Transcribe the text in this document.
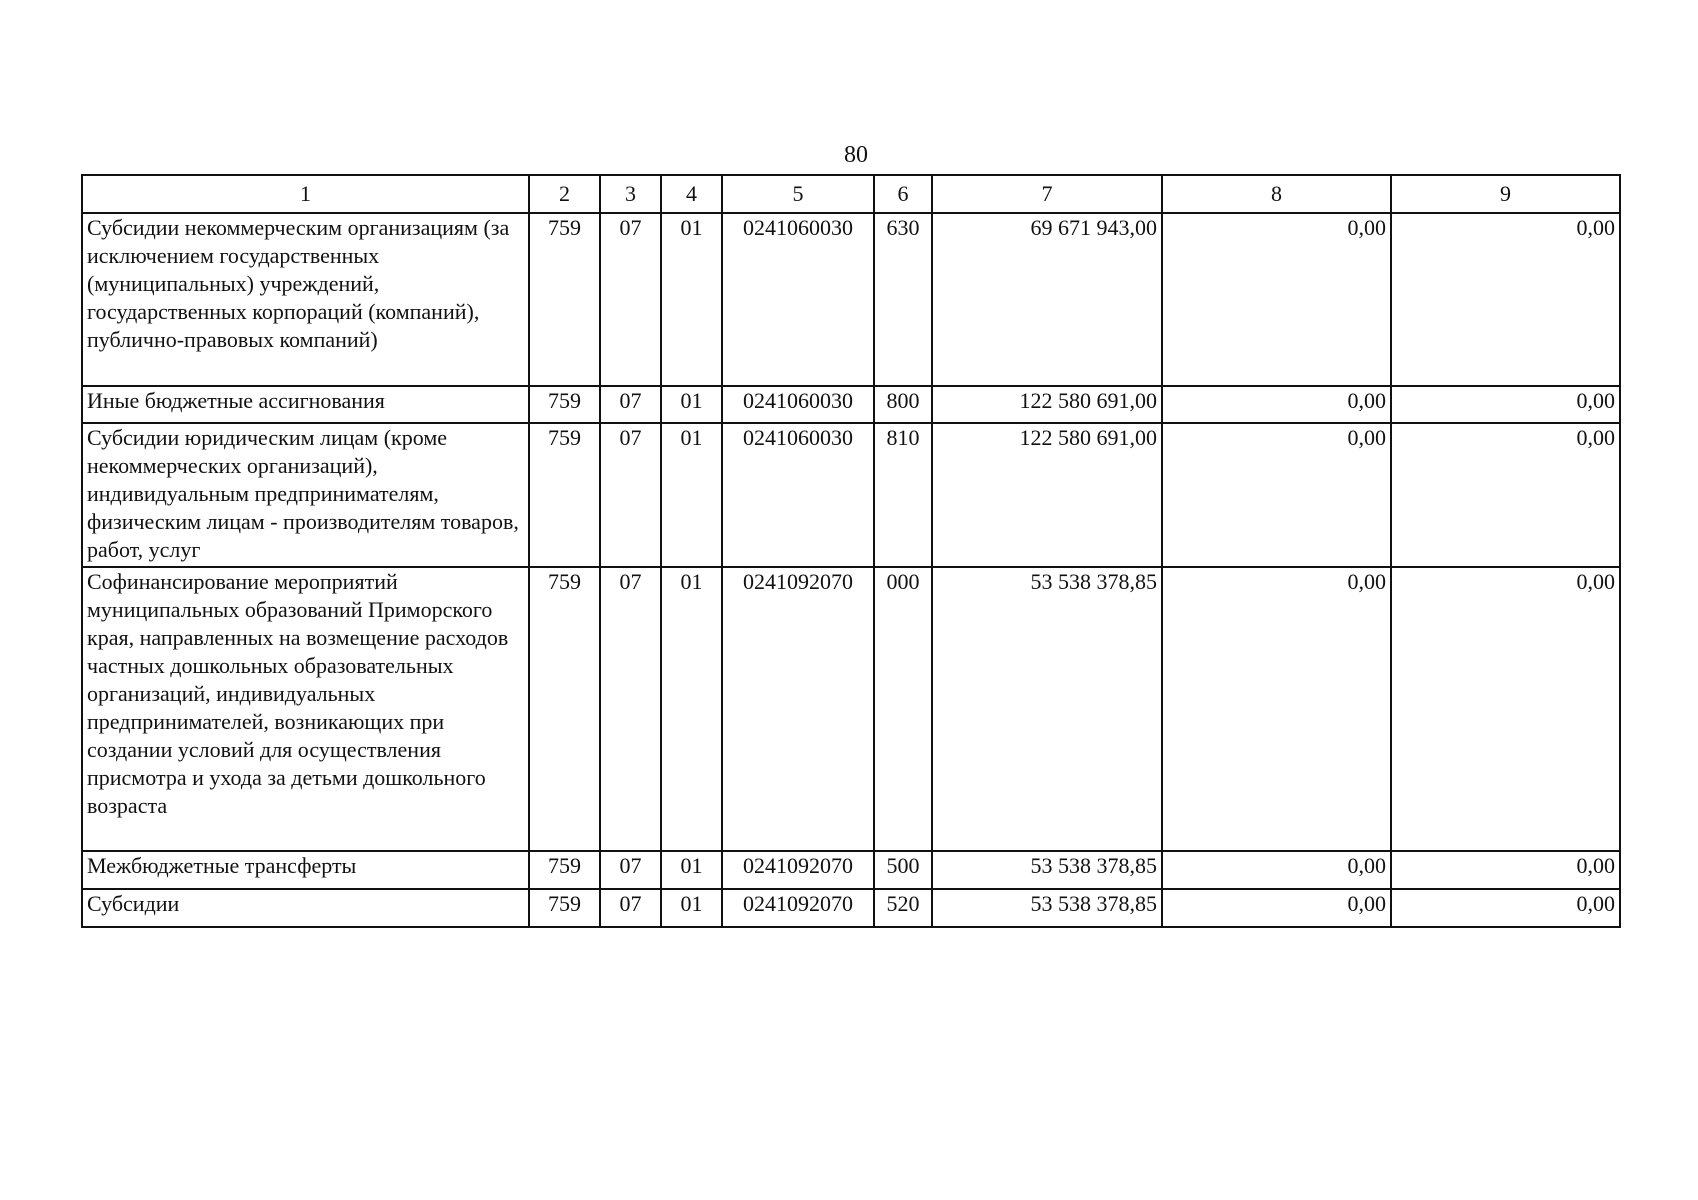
80
1	2	3	4	5	6	7	8	9
Субсидии некоммерческим организациям (за исключением государственных (муниципальных) учреждений, государственных корпораций (компаний), публично-правовых компаний)	759	07	01	0241060030	630	69 671 943,00	0,00	0,00
Иные бюджетные ассигнования	759	07	01	0241060030	800	122 580 691,00	0,00	0,00
Субсидии юридическим лицам (кроме некоммерческих организаций), индивидуальным предпринимателям, физическим лицам - производителям товаров, работ, услуг	759	07	01	0241060030	810	122 580 691,00	0,00	0,00
Софинансирование мероприятий муниципальных образований Приморского края, направленных на возмещение расходов частных дошкольных образовательных организаций, индивидуальных предпринимателей, возникающих при создании условий для осуществления присмотра и ухода за детьми дошкольного возраста	759	07	01	0241092070	000	53 538 378,85	0,00	0,00
Межбюджетные трансферты	759	07	01	0241092070	500	53 538 378,85	0,00	0,00
Субсидии	759	07	01	0241092070	520	53 538 378,85	0,00	0,00
